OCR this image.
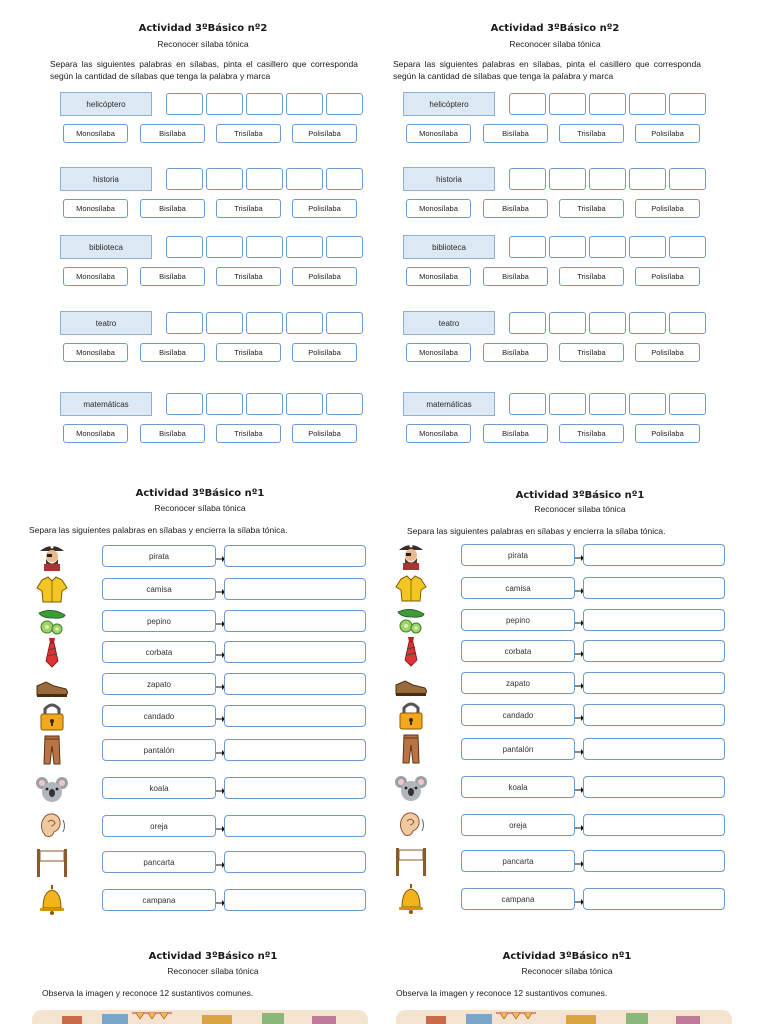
Actividad 3ºBásico nº2
Reconocer sílaba tónica
Separa las siguientes palabras en sílabas, pinta el casillero que corresponda según la cantidad de sílabas que tenga la palabra y marca
helicóptero
Monosílaba	Bisílaba	Trisílaba	Polisílaba
historia
Monosílaba	Bisílaba	Trisílaba	Polisílaba
biblioteca
Monosílaba	Bisílaba	Trisílaba	Polisílaba
teatro
Monosílaba	Bisílaba	Trisílaba	Polisílaba
matemáticas
Monosílaba	Bisílaba	Trisílaba	Polisílaba
Actividad 3ºBásico nº2
Reconocer sílaba tónica
Separa las siguientes palabras en sílabas, pinta el casillero que corresponda según la cantidad de sílabas que tenga la palabra y marca
helicóptero
Monosílaba	Bisílaba	Trisílaba	Polisílaba
historia
Monosílaba	Bisílaba	Trisílaba	Polisílaba
biblioteca
Monosílaba	Bisílaba	Trisílaba	Polisílaba
teatro
Monosílaba	Bisílaba	Trisílaba	Polisílaba
matemáticas
Monosílaba	Bisílaba	Trisílaba	Polisílaba
Actividad 3ºBásico nº1
Reconocer sílaba tónica
Separa las siguientes palabras en sílabas y encierra la sílaba tónica.
pirata
camisa
pepino
corbata
zapato
candado
pantalón
koala
oreja
pancarta
campana
Actividad 3ºBásico nº1
Reconocer sílaba tónica
Separa las siguientes palabras en sílabas y encierra la sílaba tónica.
pirata
camisa
pepino
corbata
zapato
candado
pantalón
koala
oreja
pancarta
campana
Actividad 3ºBásico nº1
Reconocer sílaba tónica
Observa la imagen y reconoce 12 sustantivos comunes.
Actividad 3ºBásico nº1
Reconocer sílaba tónica
Observa la imagen y reconoce 12 sustantivos comunes.
